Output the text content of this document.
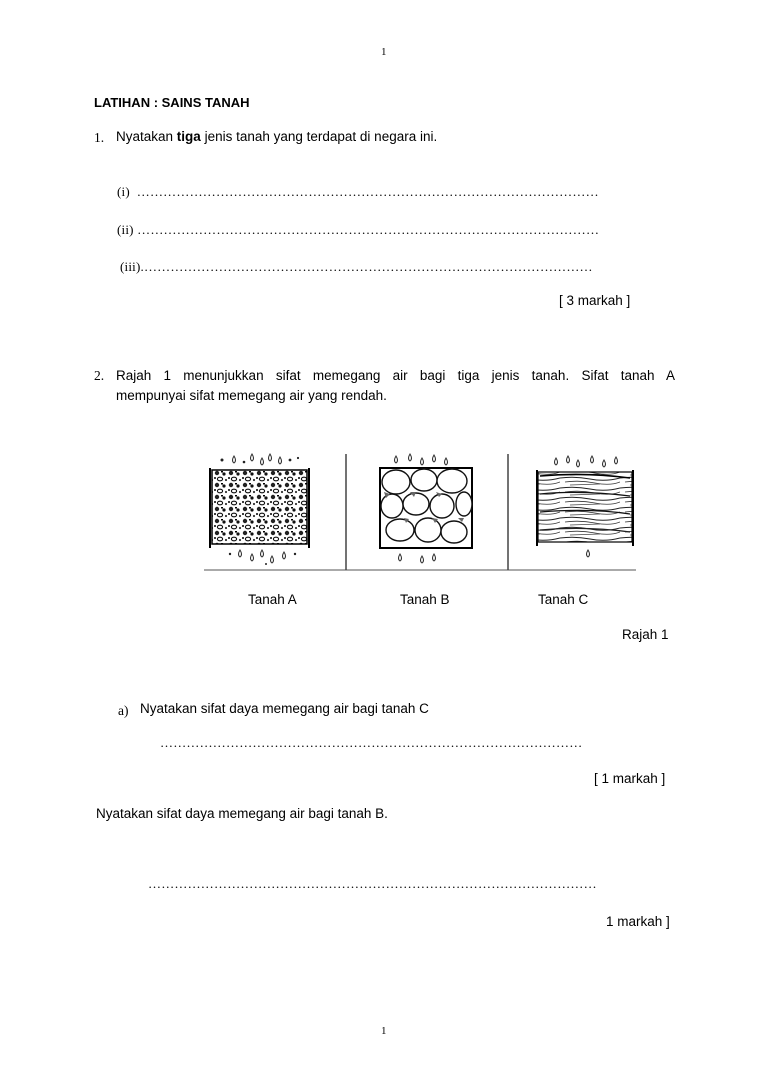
1
LATIHAN : SAINS TANAH
1. Nyatakan tiga jenis tanah yang terdapat di negara ini.
(i) ……………………………………………………………………………………………
(ii) ……………………………………………………………………………………………
(iii).…………………………………………………………………………………………
[ 3 markah ]
2. Rajah 1 menunjukkan sifat memegang air bagi tiga jenis tanah. Sifat tanah A
mempunyai sifat memegang air yang rendah.
Tanah A	Tanah B	Tanah C
Rajah 1
a) Nyatakan sifat daya memegang air bagi tanah C
……………………………………………………………………………………
[ 1 markah ]
Nyatakan sifat daya memegang air bagi tanah B.
…………………………………………………………………………………………
1 markah ]
1
